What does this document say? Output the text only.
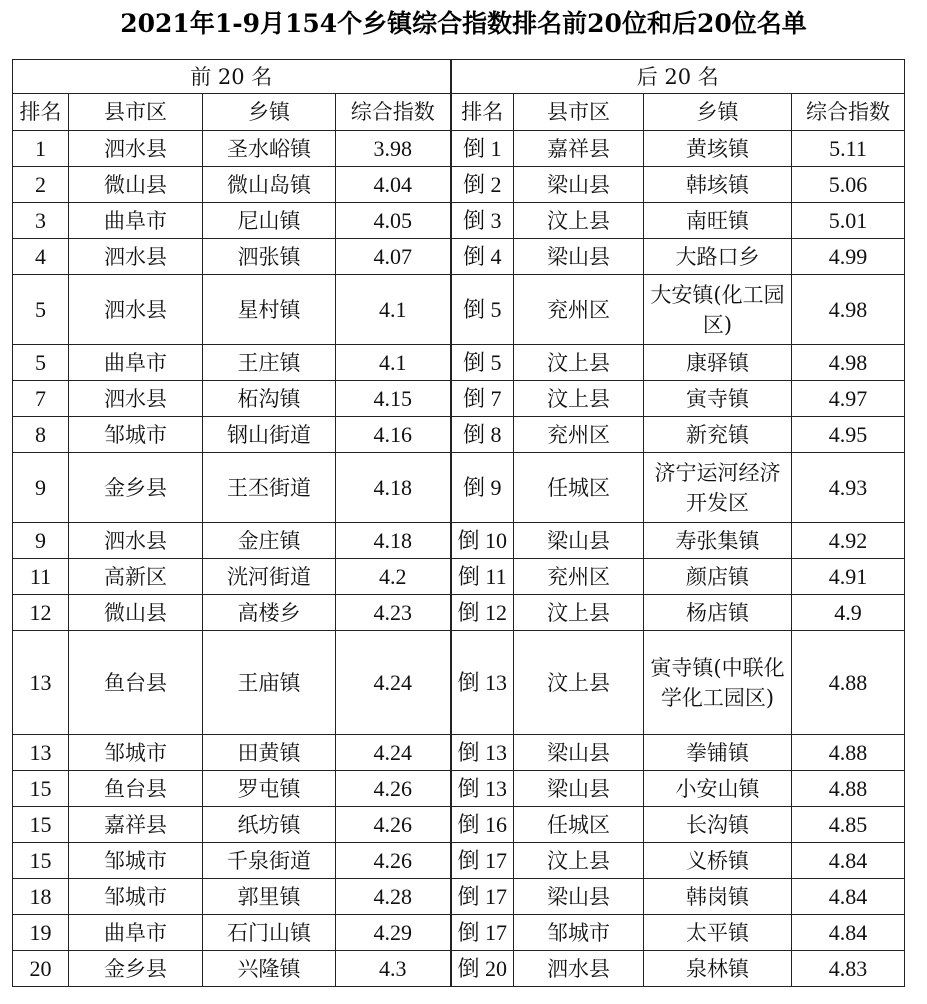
2021年1-9月154个乡镇综合指数排名前20位和后20位名单
前 20 名				后 20 名			
排名	县市区	乡镇	综合指数	排名	县市区	乡镇	综合指数
1	泗水县	圣水峪镇	3.98	倒 1	嘉祥县	黄垓镇	5.11
2	微山县	微山岛镇	4.04	倒 2	梁山县	韩垓镇	5.06
3	曲阜市	尼山镇	4.05	倒 3	汶上县	南旺镇	5.01
4	泗水县	泗张镇	4.07	倒 4	梁山县	大路口乡	4.99
5	泗水县	星村镇	4.1	倒 5	兖州区	大安镇(化工园区)	4.98
5	曲阜市	王庄镇	4.1	倒 5	汶上县	康驿镇	4.98
7	泗水县	柘沟镇	4.15	倒 7	汶上县	寅寺镇	4.97
8	邹城市	钢山街道	4.16	倒 8	兖州区	新兖镇	4.95
9	金乡县	王丕街道	4.18	倒 9	任城区	济宁运河经济开发区	4.93
9	泗水县	金庄镇	4.18	倒 10	梁山县	寿张集镇	4.92
11	高新区	洸河街道	4.2	倒 11	兖州区	颜店镇	4.91
12	微山县	高楼乡	4.23	倒 12	汶上县	杨店镇	4.9
13	鱼台县	王庙镇	4.24	倒 13	汶上县	寅寺镇(中联化学化工园区)	4.88
13	邹城市	田黄镇	4.24	倒 13	梁山县	拳铺镇	4.88
15	鱼台县	罗屯镇	4.26	倒 13	梁山县	小安山镇	4.88
15	嘉祥县	纸坊镇	4.26	倒 16	任城区	长沟镇	4.85
15	邹城市	千泉街道	4.26	倒 17	汶上县	义桥镇	4.84
18	邹城市	郭里镇	4.28	倒 17	梁山县	韩岗镇	4.84
19	曲阜市	石门山镇	4.29	倒 17	邹城市	太平镇	4.84
20	金乡县	兴隆镇	4.3	倒 20	泗水县	泉林镇	4.83
